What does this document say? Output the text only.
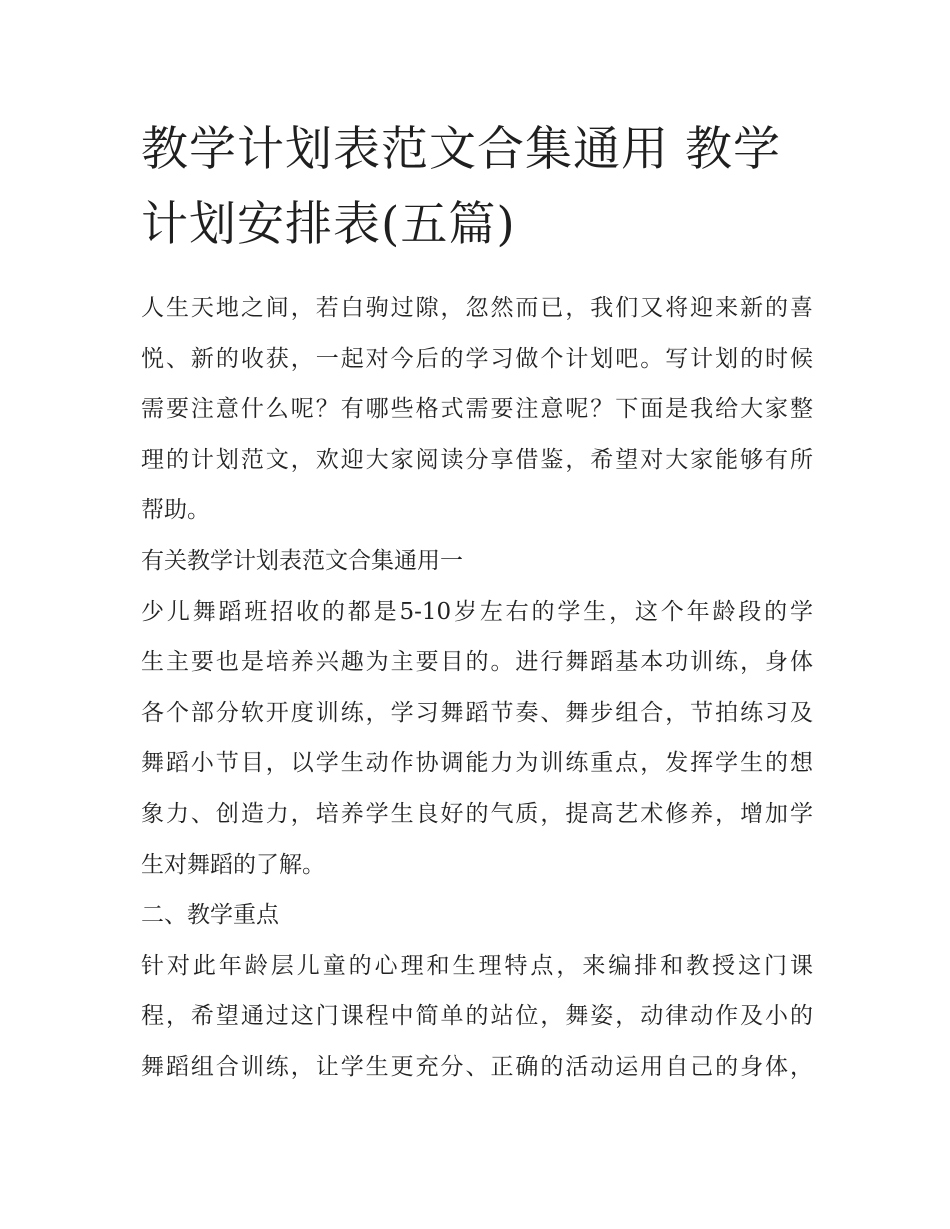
教学计划表范文合集通用 教学
计划安排表(五篇)
人生天地之间，若白驹过隙，忽然而已，我们又将迎来新的喜
悦、新的收获，一起对今后的学习做个计划吧。写计划的时候
需要注意什么呢？有哪些格式需要注意呢？下面是我给大家整
理的计划范文，欢迎大家阅读分享借鉴，希望对大家能够有所
帮助。
有关教学计划表范文合集通用一
少儿舞蹈班招收的都是5-10岁左右的学生，这个年龄段的学
生主要也是培养兴趣为主要目的。进行舞蹈基本功训练，身体
各个部分软开度训练，学习舞蹈节奏、舞步组合，节拍练习及
舞蹈小节目，以学生动作协调能力为训练重点，发挥学生的想
象力、创造力，培养学生良好的气质，提高艺术修养，增加学
生对舞蹈的了解。
二、教学重点
针对此年龄层儿童的心理和生理特点，来编排和教授这门课
程，希望通过这门课程中简单的站位，舞姿，动律动作及小的
舞蹈组合训练，让学生更充分、正确的活动运用自己的身体，
